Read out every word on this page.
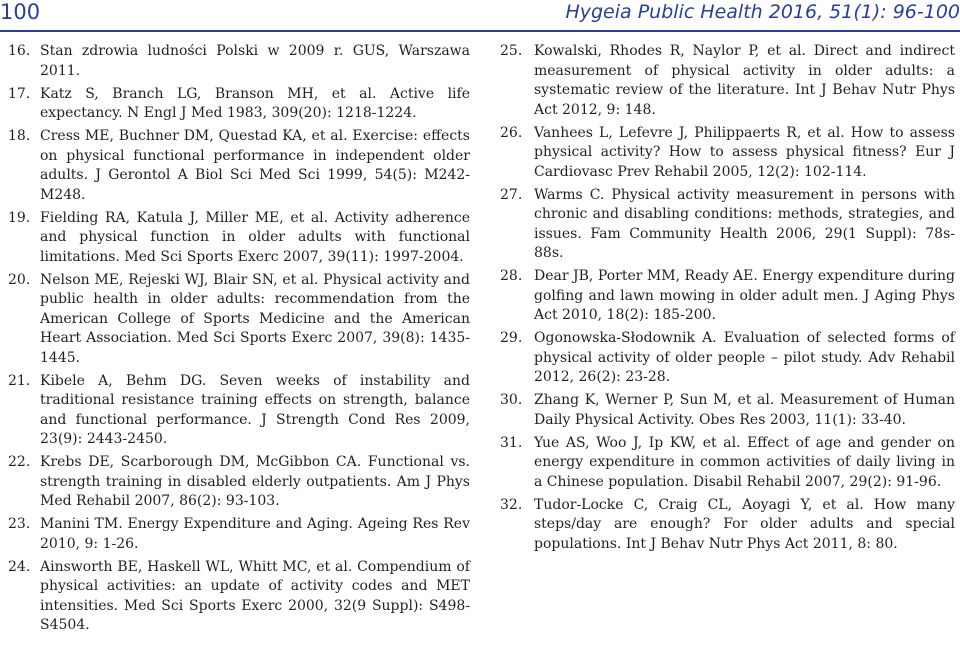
100	Hygeia Public Health 2016, 51(1): 96-100
16. Stan zdrowia ludności Polski w 2009 r. GUS, Warszawa 2011.
17. Katz S, Branch LG, Branson MH, et al. Active life expectancy. N Engl J Med 1983, 309(20): 1218-1224.
18. Cress ME, Buchner DM, Questad KA, et al. Exercise: effects on physical functional performance in independent older adults. J Gerontol A Biol Sci Med Sci 1999, 54(5): M242-M248.
19. Fielding RA, Katula J, Miller ME, et al. Activity adherence and physical function in older adults with functional limitations. Med Sci Sports Exerc 2007, 39(11): 1997-2004.
20. Nelson ME, Rejeski WJ, Blair SN, et al. Physical activity and public health in older adults: recommendation from the American College of Sports Medicine and the American Heart Association. Med Sci Sports Exerc 2007, 39(8): 1435-1445.
21. Kibele A, Behm DG. Seven weeks of instability and traditional resistance training effects on strength, balance and functional performance. J Strength Cond Res 2009, 23(9): 2443-2450.
22. Krebs DE, Scarborough DM, McGibbon CA. Functional vs. strength training in disabled elderly outpatients. Am J Phys Med Rehabil 2007, 86(2): 93-103.
23. Manini TM. Energy Expenditure and Aging. Ageing Res Rev 2010, 9: 1-26.
24. Ainsworth BE, Haskell WL, Whitt MC, et al. Compendium of physical activities: an update of activity codes and MET intensities. Med Sci Sports Exerc 2000, 32(9 Suppl): S498-S4504.
25. Kowalski, Rhodes R, Naylor P, et al. Direct and indirect measurement of physical activity in older adults: a systematic review of the literature. Int J Behav Nutr Phys Act 2012, 9: 148.
26. Vanhees L, Lefevre J, Philippaerts R, et al. How to assess physical activity? How to assess physical fitness? Eur J Cardiovasc Prev Rehabil 2005, 12(2): 102-114.
27. Warms C. Physical activity measurement in persons with chronic and disabling conditions: methods, strategies, and issues. Fam Community Health 2006, 29(1 Suppl): 78s-88s.
28. Dear JB, Porter MM, Ready AE. Energy expenditure during golfing and lawn mowing in older adult men. J Aging Phys Act 2010, 18(2): 185-200.
29. Ogonowska-Słodownik A. Evaluation of selected forms of physical activity of older people – pilot study. Adv Rehabil 2012, 26(2): 23-28.
30. Zhang K, Werner P, Sun M, et al. Measurement of Human Daily Physical Activity. Obes Res 2003, 11(1): 33-40.
31. Yue AS, Woo J, Ip KW, et al. Effect of age and gender on energy expenditure in common activities of daily living in a Chinese population. Disabil Rehabil 2007, 29(2): 91-96.
32. Tudor-Locke C, Craig CL, Aoyagi Y, et al. How many steps/day are enough? For older adults and special populations. Int J Behav Nutr Phys Act 2011, 8: 80.
